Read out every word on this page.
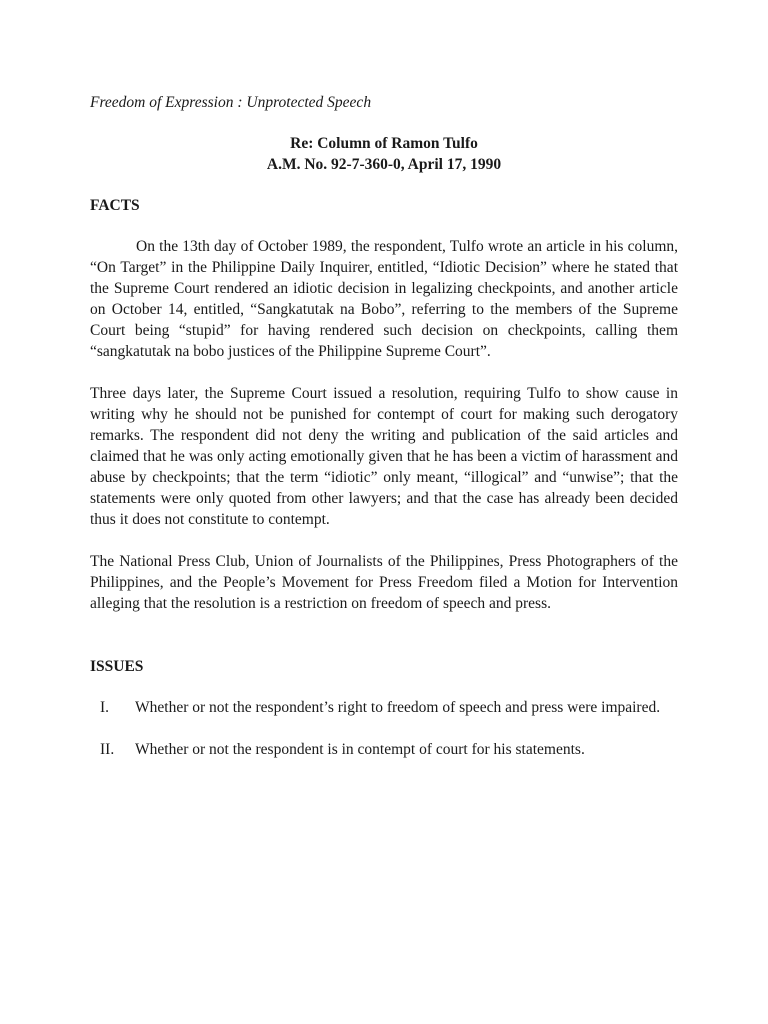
Freedom of Expression : Unprotected Speech
Re: Column of Ramon Tulfo
A.M. No. 92-7-360-0, April 17, 1990
FACTS

On the 13th day of October 1989, the respondent, Tulfo wrote an article in his column, “On Target” in the Philippine Daily Inquirer, entitled, “Idiotic Decision” where he stated that the Supreme Court rendered an idiotic decision in legalizing checkpoints, and another article on October 14, entitled, “Sangkatutak na Bobo”, referring to the members of the Supreme Court being “stupid” for having rendered such decision on checkpoints, calling them “sangkatutak na bobo justices of the Philippine Supreme Court”.

Three days later, the Supreme Court issued a resolution, requiring Tulfo to show cause in writing why he should not be punished for contempt of court for making such derogatory remarks. The respondent did not deny the writing and publication of the said articles and claimed that he was only acting emotionally given that he has been a victim of harassment and abuse by checkpoints; that the term “idiotic” only meant, “illogical” and “unwise”; that the statements were only quoted from other lawyers; and that the case has already been decided thus it does not constitute to contempt.

The National Press Club, Union of Journalists of the Philippines, Press Photographers of the Philippines, and the People’s Movement for Press Freedom filed a Motion for Intervention alleging that the resolution is a restriction on freedom of speech and press.

ISSUES
I.	Whether or not the respondent’s right to freedom of speech and press were impaired.
II.	Whether or not the respondent is in contempt of court for his statements.
